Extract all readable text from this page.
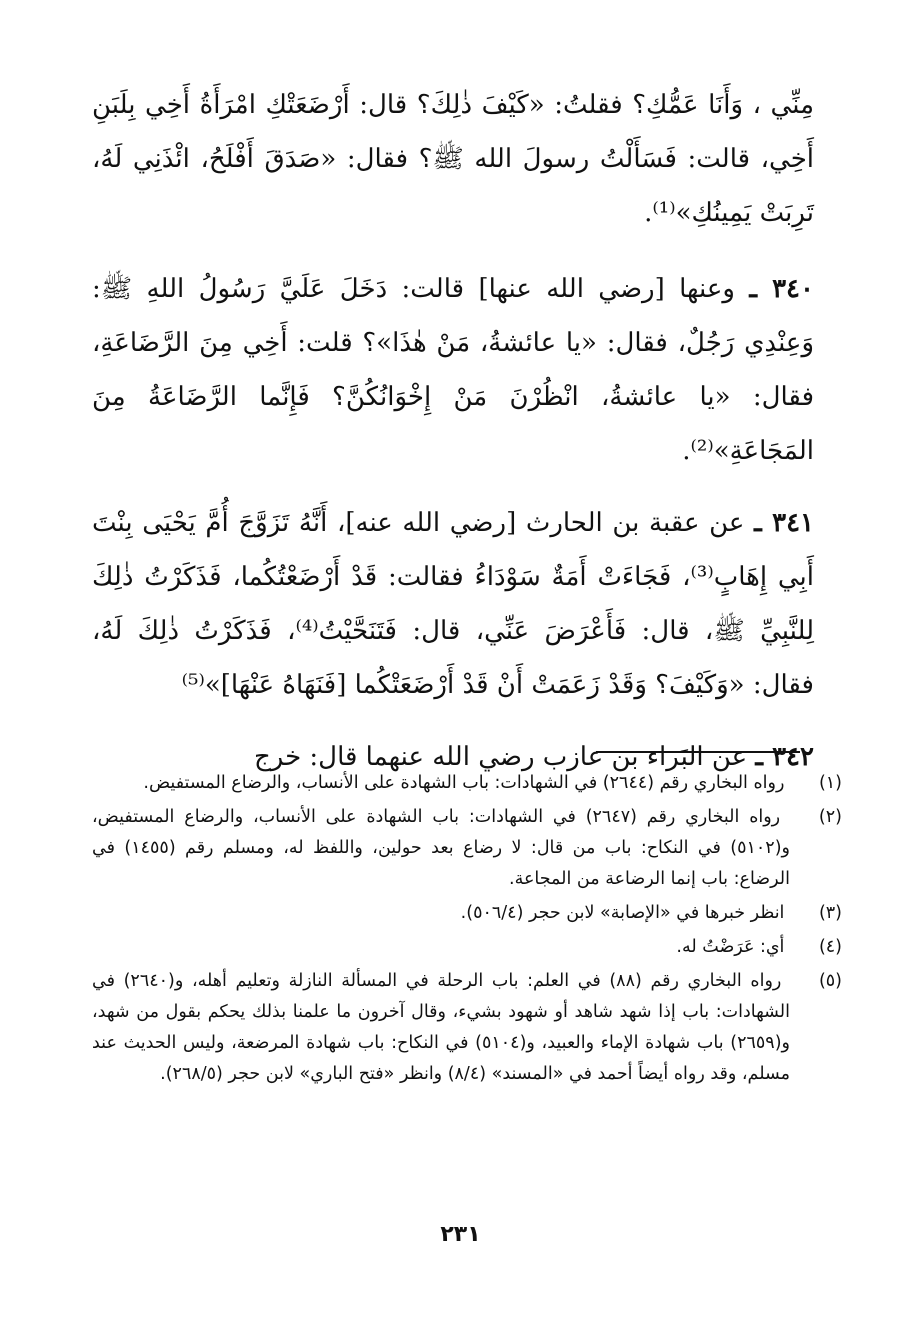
مِنِّي ، وَأَنَا عَمُّكِ؟ فقلتُ: «كَيْفَ ذٰلِكَ؟ قال: أَرْضَعَتْكِ امْرَأَةُ أَخِي بِلَبَنِ أَخِي، قالت: فَسَأَلْتُ رسولَ الله ﷺ؟ فقال: «صَدَقَ أَفْلَحُ، ائْذَنِي لَهُ، تَرِبَتْ يَمِينُكِ»⁽¹⁾.

٣٤٠ ـ وعنها [رضي الله عنها] قالت: دَخَلَ عَلَيَّ رَسُولُ اللهِ ﷺ: وَعِنْدِي رَجُلٌ، فقال: «يا عائشةُ، مَنْ هٰذَا»؟ قلت: أَخِي مِنَ الرَّضَاعَةِ، فقال: «يا عائشةُ، انْظُرْنَ مَنْ إِخْوَانُكُنَّ؟ فَإِنَّما الرَّضَاعَةُ مِنَ المَجَاعَةِ»⁽²⁾.

٣٤١ ـ عن عقبة بن الحارث [رضي الله عنه]، أَنَّهُ تَزَوَّجَ أُمَّ يَحْيَى بِنْتَ أَبِي إِهَابٍ⁽³⁾، فَجَاءَتْ أَمَةٌ سَوْدَاءُ فقالت: قَدْ أَرْضَعْتُكُما، فَذَكَرْتُ ذٰلِكَ لِلنَّبِيِّ ﷺ، قال: فَأَعْرَضَ عَنِّي، قال: فَتَنَحَّيْتُ⁽⁴⁾، فَذَكَرْتُ ذٰلِكَ لَهُ، فقال: «وَكَيْفَ؟ وَقَدْ زَعَمَتْ أَنْ قَدْ أَرْضَعَتْكُما [فَنَهَاهُ عَنْهَا]»⁽⁵⁾

٣٤٢ ـ عن البَراء بن عازب رضي الله عنهما قال: خرج

(١) رواه البخاري رقم (٢٦٤٤) في الشهادات: باب الشهادة على الأنساب، والرضاع المستفيض.

(٢) رواه البخاري رقم (٢٦٤٧) في الشهادات: باب الشهادة على الأنساب، والرضاع المستفيض، و(٥١٠٢) في النكاح: باب من قال: لا رضاع بعد حولين، واللفظ له، ومسلم رقم (١٤٥٥) في الرضاع: باب إنما الرضاعة من المجاعة.

(٣) انظر خبرها في «الإصابة» لابن حجر (٥٠٦/٤).

(٤) أي: عَرَضْتُ له.

(٥) رواه البخاري رقم (٨٨) في العلم: باب الرحلة في المسألة النازلة وتعليم أهله، و(٢٦٤٠) في الشهادات: باب إذا شهد شاهد أو شهود بشيء، وقال آخرون ما علمنا بذلك يحكم بقول من شهد، و(٢٦٥٩) باب شهادة الإماء والعبيد، و(٥١٠٤) في النكاح: باب شهادة المرضعة، وليس الحديث عند مسلم، وقد رواه أيضاً أحمد في «المسند» (٨/٤) وانظر «فتح الباري» لابن حجر (٢٦٨/٥).

٢٣١
